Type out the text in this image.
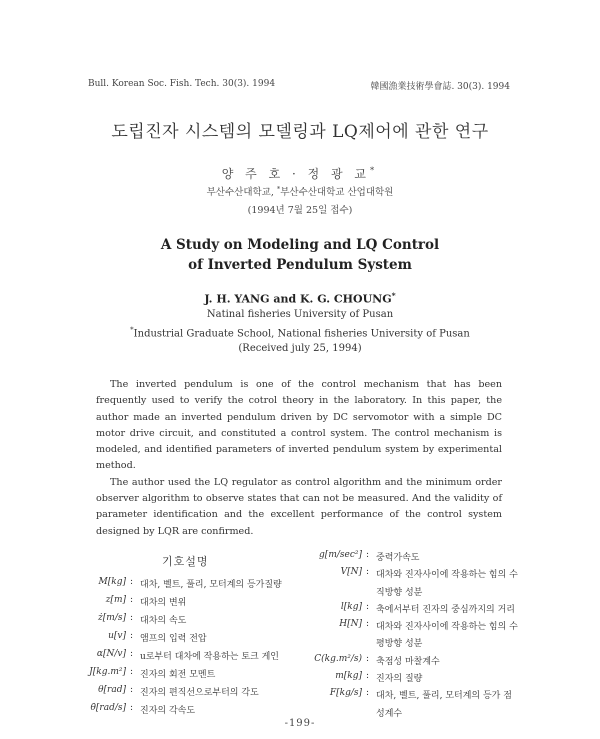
Bull. Korean Soc. Fish. Tech. 30(3). 1994	韓國漁業技術學會誌. 30(3). 1994
도립진자 시스템의 모델링과 LQ제어에 관한 연구
양 주 호 · 정 광 교*
부산수산대학교, *부산수산대학교 산업대학원
(1994년 7월 25일 접수)
A Study on Modeling and LQ Control
of Inverted Pendulum System
J. H. YANG and K. G. CHOUNG*
Natinal fisheries University of Pusan
*Industrial Graduate School, National fisheries University of Pusan
(Received july 25, 1994)

The inverted pendulum is one of the control mechanism that has been frequently used to verify the cotrol theory in the laboratory. In this paper, the author made an inverted pendulum driven by DC servomotor with a simple DC motor drive circuit, and constituted a control system. The control mechanism is modeled, and identified parameters of inverted pendulum system by experimental method.

The author used the LQ regulator as control algorithm and the minimum order observer algorithm to observe states that can not be measured. And the validity of parameter identification and the excellent performance of the control system designed by LQR are confirmed.

기호설명
M[kg] : 대차, 벨트, 풀리, 모터계의 등가질량
z[m] : 대차의 변위
ż[m/s] : 대차의 속도
u[v] : 앰프의 입력 전압
α[N/v] : u로부터 대차에 작용하는 토크 게인
J[kg.m²] : 진자의 회전 모멘트
θ[rad] : 진자의 편직선으로부터의 각도
θ̇[rad/s] : 진자의 각속도
g[m/sec²] : 중력가속도
V[N] : 대차와 진자사이에 작용하는 힘의 수
직방향 성분
l[kg] : 축에서부터 진자의 중심까지의 거리
H[N] : 대차와 진자사이에 작용하는 힘의 수
평방향 성분
C(kg.m²/s) : 축점성 마찰계수
m[kg] : 진자의 질량
F[kg/s] : 대차, 벨트, 풀리, 모터계의 등가 점
성계수
-199-
